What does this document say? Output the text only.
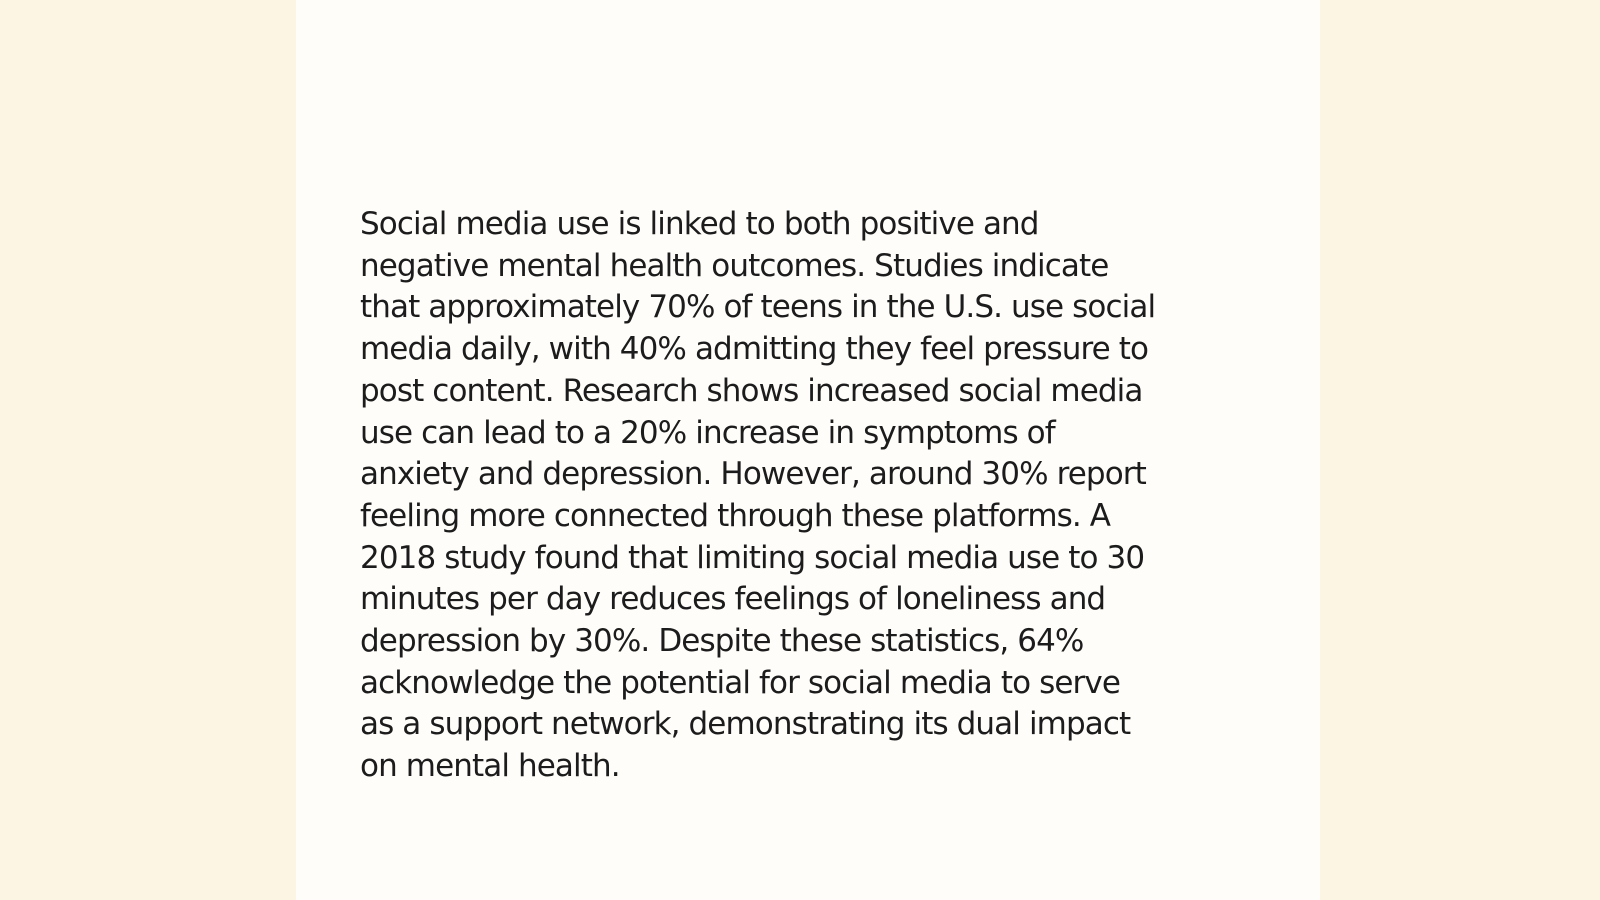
Social media use is linked to both positive and
negative mental health outcomes. Studies indicate
that approximately 70% of teens in the U.S. use social
media daily, with 40% admitting they feel pressure to
post content. Research shows increased social media
use can lead to a 20% increase in symptoms of
anxiety and depression. However, around 30% report
feeling more connected through these platforms. A
2018 study found that limiting social media use to 30
minutes per day reduces feelings of loneliness and
depression by 30%. Despite these statistics, 64%
acknowledge the potential for social media to serve
as a support network, demonstrating its dual impact
on mental health.
